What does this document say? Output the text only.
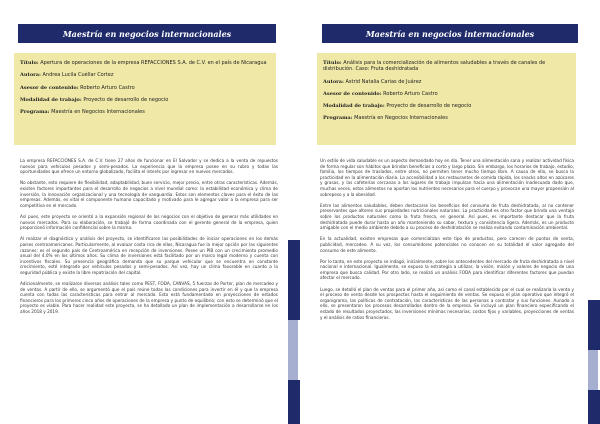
Maestría en negocios internacionales
Título: Apertura de operaciones de la empresa REFACCIONES S.A. de C.V. en el país de Nicaragua
Autora: Andrea Lucila Cuéllar Cortez
Asesor de contenido: Roberto Arturo Castro
Modalidad de trabajo: Proyecto de desarrollo de negocio
Programa: Maestría en Negocios Internacionales

La empresa REFACCIONES S.A. de C.V. tiene 27 años de funcionar en El Salvador y se dedica a la venta de repuestos nuevos para vehículos pesados y semi-pesados. La experiencia que la empresa posee en su rubro y todas las oportunidades que ofrece un entorno globalizado, facilita el interés por ingresar en nuevos mercados.

No obstante, esto requiere de flexibilidad, adaptabilidad, buen servicio, mejor precio, entre otras características. Además, existen factores importantes para el desarrollo de negocios a nivel mundial como: la estabilidad económica y clima de inversión, la innovación organizacional y una tecnología de vanguardia. Estos son elementos claves para el éxito de las empresas. Además, es vital el componente humano capacitado y motivado para le agregar valor a la empresa para ser competitiva en el mercado.

Así pues, este proyecto se orientó a la expansión regional de los negocios con el objetivo de generar más utilidades en nuevos mercados. Para su elaboración, se trabajó de forma coordinada con el gerente general de la empresa, quien proporcionó información confidencial sobre la misma.

Al realizar el diagnóstico y análisis del proyecto, se identificaron las posibilidades de iniciar operaciones en los demás países centroamericanos. Particularmente, al evaluar costa rica de ellos, Nicaragua fue la mejor opción por las siguientes razones: es el segundo país de Centroamérica en recepción de inversiones. Posee un PIB con un crecimiento promedio anual del 4.0% en los últimos años. Su clima de inversiones está facilitado por un marco legal moderno y cuenta con incentivos fiscales. Su presencia geográfica demanda que su parque vehicular que se encuentra en constante crecimiento, esté integrado por vehículos pesados y semi-pesados. Así vez, hay un clima favorable en cuanto a la seguridad pública y existe la libre repatriación del capital.

Adicionalmente, se realizaron diversos análisis tales como PEST, FODA, CANVAS, 5 fuerzas de Porter, plan de mercadeo y de ventas. A partir de ello, se argumentó que el país reúne todas las condiciones para invertir en él y que la empresa cuenta con todas las características para entrar al mercado. Esto está fundamentado en proyecciones de estados financieros para los primeros cinco años de operaciones de la empresa y punto de equilibrio; con esto se determinó que el proyecto es viable. Para hacer realidad este proyecto, se ha detallado un plan de implementación a desarrollarse en los años 2018 y 2019.

Maestría en negocios internacionales
Título: Análisis para la comercialización de alimentos saludables a través de canales de distribución. Caso: Fruta deshidratada
Autora: Astrid Natalia Carias de Juárez
Asesor de contenido: Roberto Arturo Castro
Modalidad de trabajo: Proyecto de desarrollo de negocio
Programa: Maestría en Negocios Internacionales

Un estilo de vida saludable es un aspecto demandado hoy en día. Tener una alimentación sana y realizar actividad física de forma regular son hábitos que brindan beneficios a corto y largo plazo. Sin embargo, los horarios de trabajo, estudio, familia, los tiempos de traslados, entre otros, no permiten tener mucho tiempo libre. A causa de ello, se busca la practicidad en la alimentación diaria. La accesibilidad a los restaurantes de comida rápida, los snacks altos en azúcares y grasas, y las cafeterías cercanas a los lugares de trabajo impulsan hacia una alimentación inadecuada dado que, muchas veces, estos alimentos no aportan los nutrientes necesarios para el cuerpo y provocan una mayor propensión al sobrepeso y a la obesidad.

Entre los alimentos saludables, deben destacarse los beneficios del consumo de fruta deshidratada, al no contener preservantes que alteren sus propiedades nutricionales naturales. La practicidad es otro factor que brinda una ventaja sobre los productos naturales como la fruta fresca, en general. Así pues, es importante destacar que la fruta deshidratada puede durar hasta un año manteniendo su sabor, textura y consistencia ligera. Además, es un producto amigable con el medio ambiente debido a su proceso de deshidratación se realiza evitando contaminación ambiental.

En la actualidad, existen empresas que comercializan este tipo de productos, pero carecen de puntos de venta, publicidad, mercadeo. A su vez, los consumidores potenciales no conocen en su totalidad el valor agregado del consumo de este alimento.

Por lo tanto, en este proyecto se indagó, inicialmente, sobre los antecedentes del mercado de fruta deshidratada a nivel nacional e internacional. Igualmente, se expuso la estrategia a utilizar, la visión, misión y valores de negocio de una empresa que busca calidad. Por otro lado, se realizó un análisis FODA para identificar diferentes factores que puedan afectar el mercado.

Luego, se detalló el plan de ventas para el primer año, así como el canal establecido por el cual se realizaría la venta y el proceso de venta desde los prospectos hasta el seguimiento de ventas. Se expuso el plan operativo que integró el organigrama, las políticas de contratación, las características de las personas a contratar y sus funciones. Aunado a ello, se presentaron los procesos desarrollados dentro de la empresa. Se incluyó un plan financiero especificando el estado de resultados proyectados, las inversiones mínimas necesarias, costos fijos y variables, proyecciones de ventas y el análisis de ratios financieros.
